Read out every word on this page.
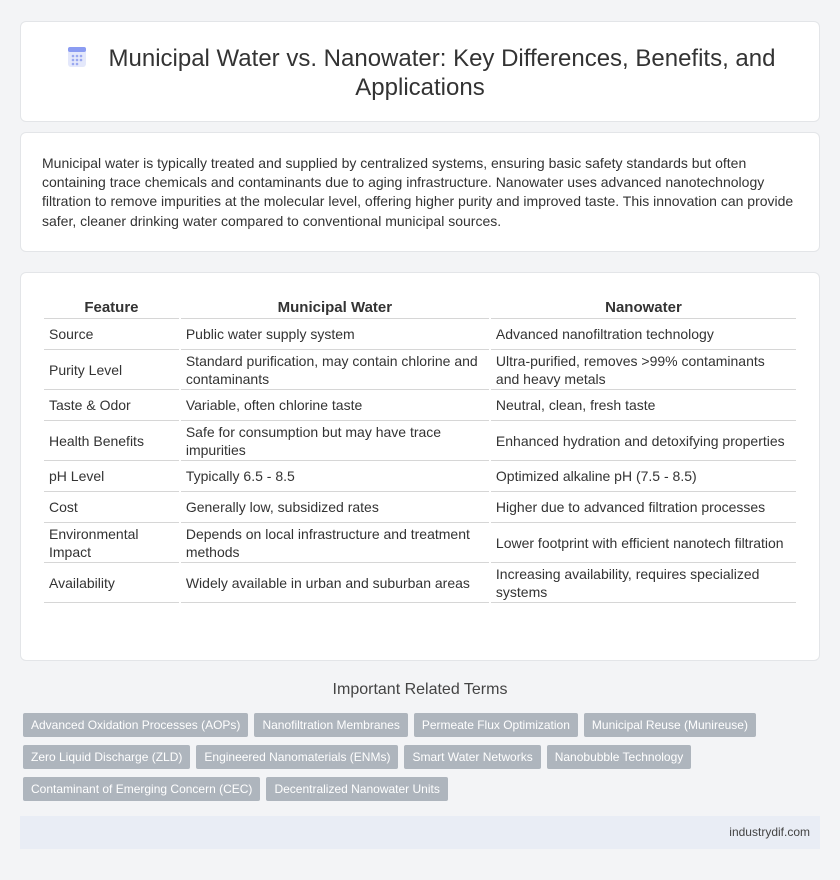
Municipal Water vs. Nanowater: Key Differences, Benefits, and Applications

Municipal water is typically treated and supplied by centralized systems, ensuring basic safety standards but often containing trace chemicals and contaminants due to aging infrastructure. Nanowater uses advanced nanotechnology filtration to remove impurities at the molecular level, offering higher purity and improved taste. This innovation can provide safer, cleaner drinking water compared to conventional municipal sources.

Feature	Municipal Water	Nanowater
Source	Public water supply system	Advanced nanofiltration technology
Purity Level	Standard purification, may contain chlorine and contaminants	Ultra-purified, removes >99% contaminants and heavy metals
Taste & Odor	Variable, often chlorine taste	Neutral, clean, fresh taste
Health Benefits	Safe for consumption but may have trace impurities	Enhanced hydration and detoxifying properties
pH Level	Typically 6.5 - 8.5	Optimized alkaline pH (7.5 - 8.5)
Cost	Generally low, subsidized rates	Higher due to advanced filtration processes
Environmental Impact	Depends on local infrastructure and treatment methods	Lower footprint with efficient nanotech filtration
Availability	Widely available in urban and suburban areas	Increasing availability, requires specialized systems
Important Related Terms
Advanced Oxidation Processes (AOPs)	Nanofiltration Membranes	Permeate Flux Optimization	Municipal Reuse (Munireuse)
Zero Liquid Discharge (ZLD)	Engineered Nanomaterials (ENMs)	Smart Water Networks	Nanobubble Technology
Contaminant of Emerging Concern (CEC)	Decentralized Nanowater Units
industrydif.com
